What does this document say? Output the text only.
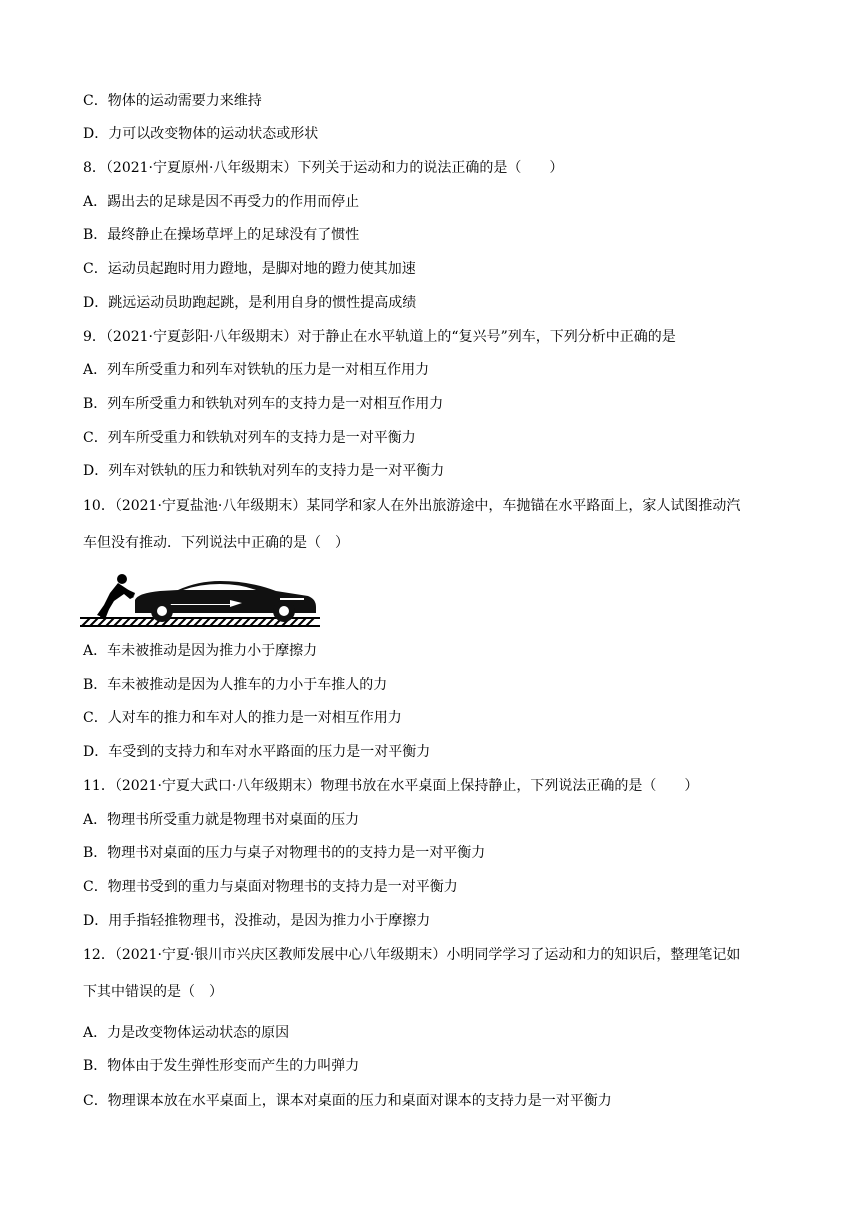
C．物体的运动需要力来维持
D．力可以改变物体的运动状态或形状
8．（2021·宁夏原州·八年级期末）下列关于运动和力的说法正确的是（　　）
A．踢出去的足球是因不再受力的作用而停止
B．最终静止在操场草坪上的足球没有了惯性
C．运动员起跑时用力蹬地，是脚对地的蹬力使其加速
D．跳远运动员助跑起跳，是利用自身的惯性提高成绩
9．（2021·宁夏彭阳·八年级期末）对于静止在水平轨道上的“复兴号”列车，下列分析中正确的是
A．列车所受重力和列车对铁轨的压力是一对相互作用力
B．列车所受重力和铁轨对列车的支持力是一对相互作用力
C．列车所受重力和铁轨对列车的支持力是一对平衡力
D．列车对铁轨的压力和铁轨对列车的支持力是一对平衡力
10．（2021·宁夏盐池·八年级期末）某同学和家人在外出旅游途中，车抛锚在水平路面上，家人试图推动汽
车但没有推动．下列说法中正确的是（　）
A．车未被推动是因为推力小于摩擦力
B．车未被推动是因为人推车的力小于车推人的力
C．人对车的推力和车对人的推力是一对相互作用力
D．车受到的支持力和车对水平路面的压力是一对平衡力
11．（2021·宁夏大武口·八年级期末）物理书放在水平桌面上保持静止，下列说法正确的是（　　）
A．物理书所受重力就是物理书对桌面的压力
B．物理书对桌面的压力与桌子对物理书的的支持力是一对平衡力
C．物理书受到的重力与桌面对物理书的支持力是一对平衡力
D．用手指轻推物理书，没推动，是因为推力小于摩擦力
12．（2021·宁夏·银川市兴庆区教师发展中心八年级期末）小明同学学习了运动和力的知识后，整理笔记如
下其中错误的是（　）
A．力是改变物体运动状态的原因
B．物体由于发生弹性形变而产生的力叫弹力
C．物理课本放在水平桌面上，课本对桌面的压力和桌面对课本的支持力是一对平衡力
